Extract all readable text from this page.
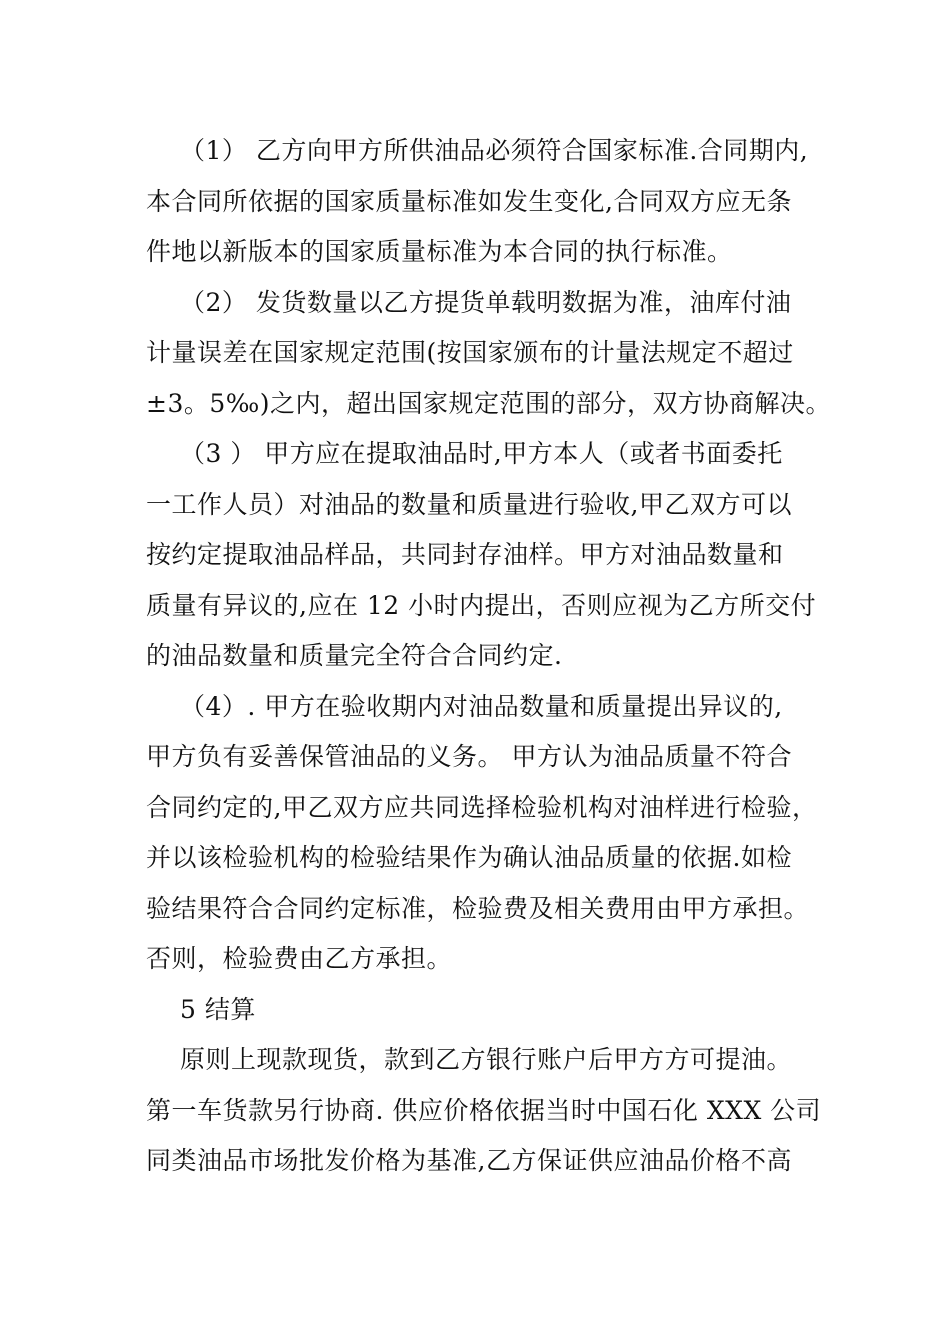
（1） 乙方向甲方所供油品必须符合国家标准.合同期内,
本合同所依据的国家质量标准如发生变化,合同双方应无条
件地以新版本的国家质量标准为本合同的执行标准。
（2） 发货数量以乙方提货单载明数据为准，油库付油
计量误差在国家规定范围(按国家颁布的计量法规定不超过
±3。5‰)之内，超出国家规定范围的部分，双方协商解决。
（3 ） 甲方应在提取油品时,甲方本人（或者书面委托
一工作人员）对油品的数量和质量进行验收,甲乙双方可以
按约定提取油品样品，共同封存油样。甲方对油品数量和
质量有异议的,应在 12 小时内提出，否则应视为乙方所交付
的油品数量和质量完全符合合同约定.
（4）. 甲方在验收期内对油品数量和质量提出异议的,
甲方负有妥善保管油品的义务。 甲方认为油品质量不符合
合同约定的,甲乙双方应共同选择检验机构对油样进行检验，
并以该检验机构的检验结果作为确认油品质量的依据.如检
验结果符合合同约定标准，检验费及相关费用由甲方承担。
否则，检验费由乙方承担。
5 结算
原则上现款现货，款到乙方银行账户后甲方方可提油。
第一车货款另行协商. 供应价格依据当时中国石化 XXX 公司
同类油品市场批发价格为基准,乙方保证供应油品价格不高
